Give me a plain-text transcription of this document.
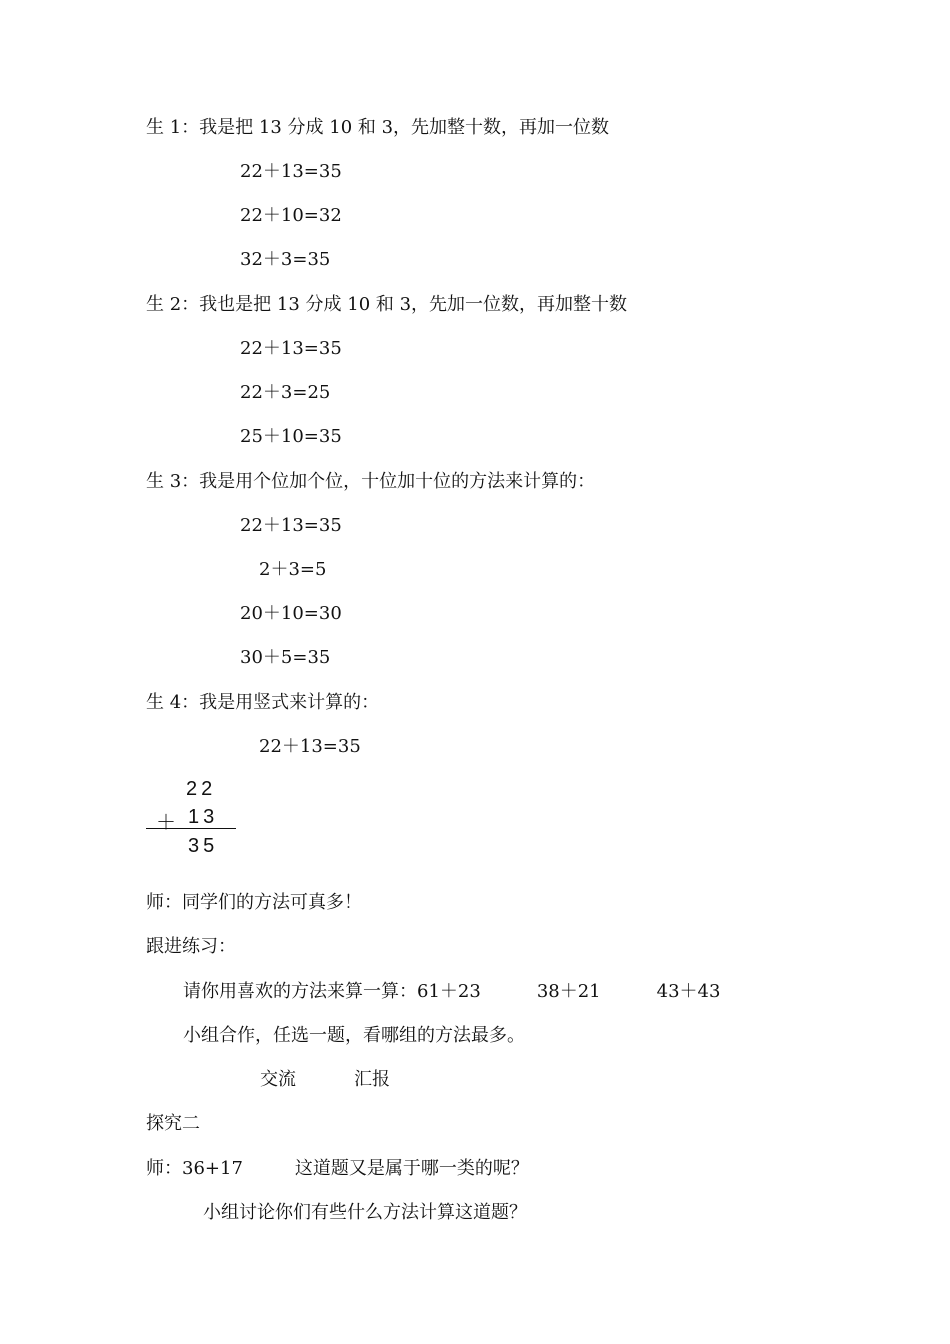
生 1：我是把 13 分成 10 和 3，先加整十数，再加一位数
22＋13=35
22＋10=32
32＋3=35
生 2：我也是把 13 分成 10 和 3，先加一位数，再加整十数
22＋13=35
22＋3=25
25＋10=35
生 3：我是用个位加个位，十位加十位的方法来计算的：
22＋13=35
2＋3=5
20＋10=30
30＋5=35
生 4：我是用竖式来计算的：
22＋13=35
22
＋ 13
35
师：同学们的方法可真多！
跟进练习：
请你用喜欢的方法来算一算：61＋23	38＋21	43＋43
小组合作，任选一题，看哪组的方法最多。
交流	汇报
探究二
师：36+17	这道题又是属于哪一类的呢？
小组讨论你们有些什么方法计算这道题？
